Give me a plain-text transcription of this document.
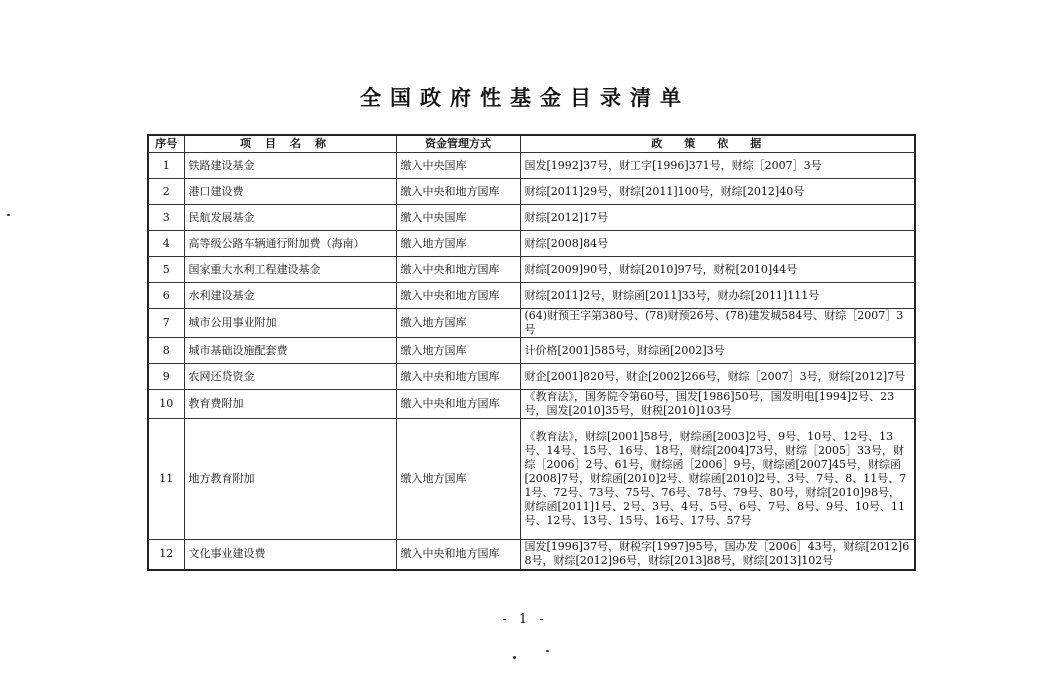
全国政府性基金目录清单
序号	项目名称	资金管理方式	政策依据
1	铁路建设基金	缴入中央国库	国发[1992]37号，财工字[1996]371号，财综［2007］3号
2	港口建设费	缴入中央和地方国库	财综[2011]29号，财综[2011]100号，财综[2012]40号
3	民航发展基金	缴入中央国库	财综[2012]17号
4	高等级公路车辆通行附加费（海南）	缴入地方国库	财综[2008]84号
5	国家重大水利工程建设基金	缴入中央和地方国库	财综[2009]90号，财综[2010]97号，财税[2010]44号
6	水利建设基金	缴入中央和地方国库	财综[2011]2号，财综函[2011]33号，财办综[2011]111号
7	城市公用事业附加	缴入地方国库	(64)财预王字第380号、(78)财预26号、(78)建发城584号、财综［2007］3号
8	城市基础设施配套费	缴入地方国库	计价格[2001]585号，财综函[2002]3号
9	农网还贷资金	缴入中央和地方国库	财企[2001]820号，财企[2002]266号，财综［2007］3号，财综[2012]7号
10	教育费附加	缴入中央和地方国库	《教育法》，国务院令第60号，国发[1986]50号，国发明电[1994]2号、23号，国发[2010]35号，财税[2010]103号
11	地方教育附加	缴入地方国库	《教育法》，财综[2001]58号，财综函[2003]2号、9号、10号、12号、13号、14号、15号、16号、18号，财综[2004]73号，财综［2005］33号，财综［2006］2号、61号，财综函［2006］9号，财综函[2007]45号，财综函[2008]7号，财综函[2010]2号、财综函[2010]2号、3号、7号、8、11号、71号、72号、73号、75号、76号、78号、79号、80号，财综[2010]98号，财综函[2011]1号、2号、3号、4号、5号、6号、7号、8号、9号、10号、11号、12号、13号、15号、16号、17号、57号
12	文化事业建设费	缴入中央和地方国库	国发[1996]37号，财税字[1997]95号，国办发［2006］43号，财综[2012]68号，财综[2012]96号，财综[2013]88号，财综[2013]102号
- 1 -
